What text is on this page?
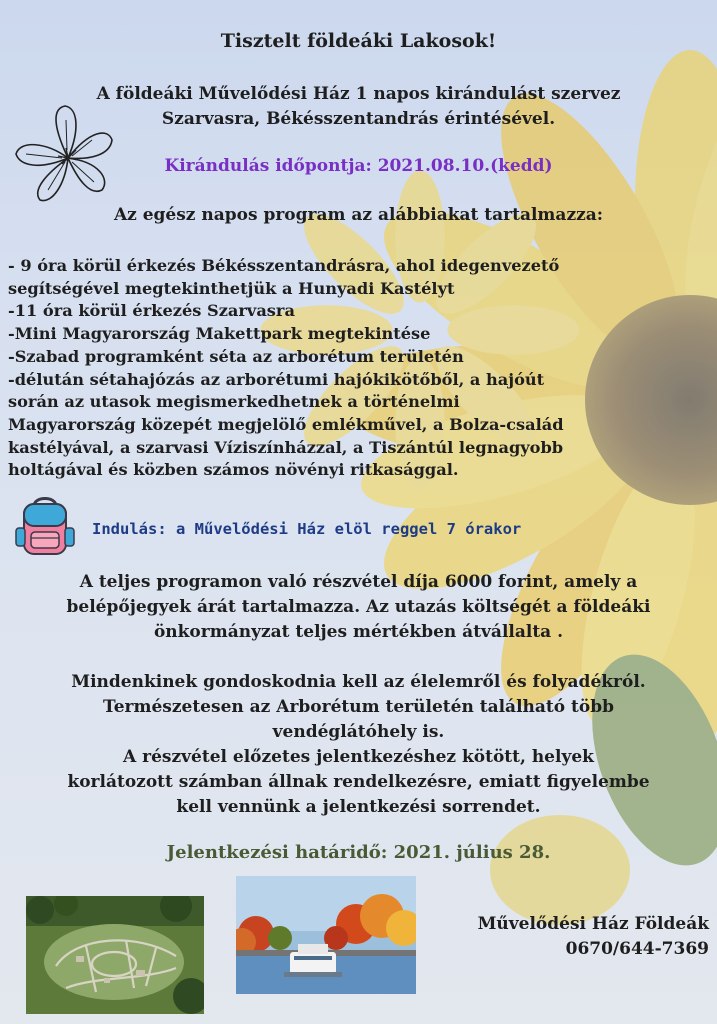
Tisztelt földeáki Lakosok!
A földeáki Művelődési Ház 1 napos kirándulást szervez
Szarvasra, Békésszentandrás érintésével.
Kirándulás időpontja: 2021.08.10.(kedd)
Az egész napos program az alábbiakat tartalmazza:
- 9 óra körül érkezés Békésszentandrásra, ahol idegenvezető
segítségével megtekinthetjük a Hunyadi Kastélyt
-11 óra körül érkezés Szarvasra
-Mini Magyarország Makettpark megtekintése
-Szabad programként séta az arborétum területén
-délután sétahajózás az arborétumi hajókikötőből, a hajóút
során az utasok megismerkedhetnek a történelmi
Magyarország közepét megjelölő emlékművel, a Bolza-család
kastélyával, a szarvasi Víziszínházzal, a Tiszántúl legnagyobb
holtágával és közben számos növényi ritkasággal.
Indulás: a Művelődési Ház elöl reggel 7 órakor
A teljes programon való részvétel díja 6000 forint, amely a
belépőjegyek árát tartalmazza. Az utazás költségét a földeáki
önkormányzat teljes mértékben átvállalta .
Mindenkinek gondoskodnia kell az élelemről és folyadékról.
Természetesen az Arborétum területén található több
vendéglátóhely is.
A részvétel előzetes jelentkezéshez kötött, helyek
korlátozott számban állnak rendelkezésre, emiatt figyelembe
kell vennünk a jelentkezési sorrendet.
Jelentkezési határidő: 2021. július 28.
Művelődési Ház Földeák
0670/644-7369
